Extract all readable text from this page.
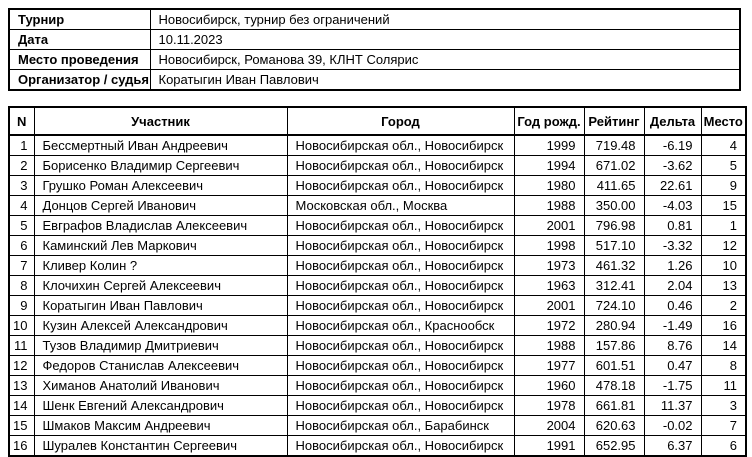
Турнир	Новосибирск, турнир без ограничений
Дата	10.11.2023
Место проведения	Новосибирск, Романова 39, КЛНТ Солярис
Организатор / судья	Коратыгин Иван Павлович
N	Участник	Город	Год рожд.	Рейтинг	Дельта	Место
1	Бессмертный Иван Андреевич	Новосибирская обл., Новосибирск	1999	719.48	-6.19	4
2	Борисенко Владимир Сергеевич	Новосибирская обл., Новосибирск	1994	671.02	-3.62	5
3	Грушко Роман Алексеевич	Новосибирская обл., Новосибирск	1980	411.65	22.61	9
4	Донцов Сергей Иванович	Московская обл., Москва	1988	350.00	-4.03	15
5	Евграфов Владислав Алексеевич	Новосибирская обл., Новосибирск	2001	796.98	0.81	1
6	Каминский Лев Маркович	Новосибирская обл., Новосибирск	1998	517.10	-3.32	12
7	Кливер Колин ?	Новосибирская обл., Новосибирск	1973	461.32	1.26	10
8	Клочихин Сергей Алексеевич	Новосибирская обл., Новосибирск	1963	312.41	2.04	13
9	Коратыгин Иван Павлович	Новосибирская обл., Новосибирск	2001	724.10	0.46	2
10	Кузин Алексей Александрович	Новосибирская обл., Краснообск	1972	280.94	-1.49	16
11	Тузов Владимир Дмитриевич	Новосибирская обл., Новосибирск	1988	157.86	8.76	14
12	Федоров Станислав Алексеевич	Новосибирская обл., Новосибирск	1977	601.51	0.47	8
13	Химанов Анатолий Иванович	Новосибирская обл., Новосибирск	1960	478.18	-1.75	11
14	Шенк Евгений Александрович	Новосибирская обл., Новосибирск	1978	661.81	11.37	3
15	Шмаков Максим Андреевич	Новосибирская обл., Барабинск	2004	620.63	-0.02	7
16	Шуралев Константин Сергеевич	Новосибирская обл., Новосибирск	1991	652.95	6.37	6
